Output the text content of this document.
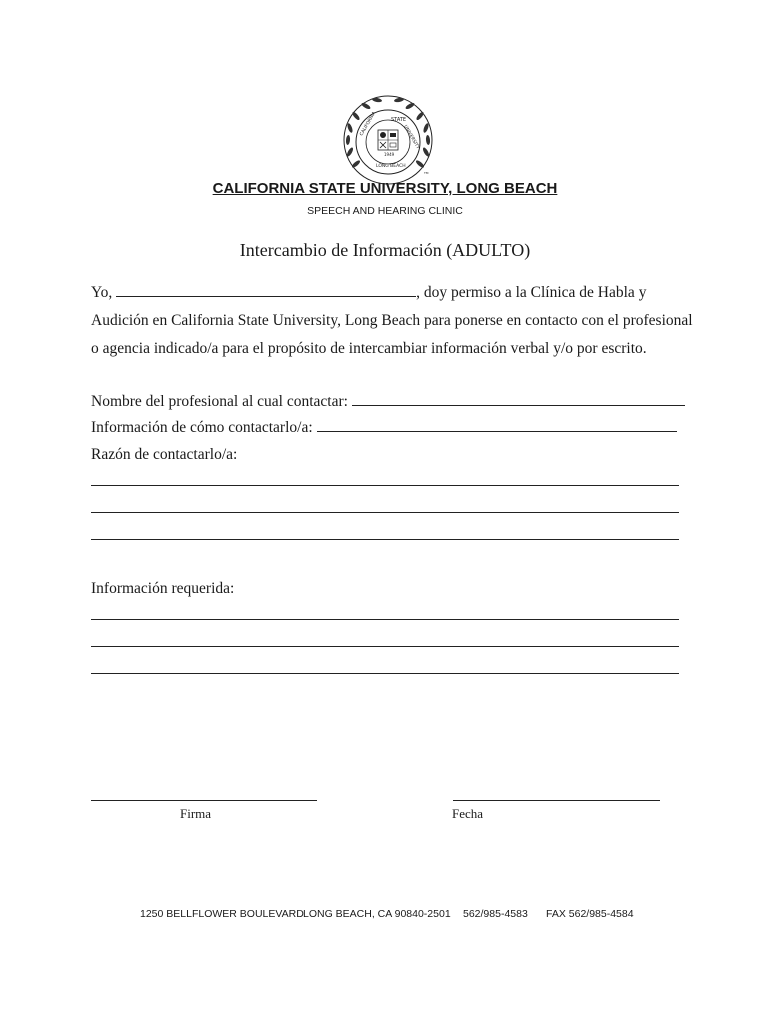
STATE
CALIFORNIA
UNIVERSITY
1949
LONG BEACH
TM
CALIFORNIA STATE UNIVERSITY, LONG BEACH
SPEECH AND HEARING CLINIC
Intercambio de Información (ADULTO)
Yo,	, doy permiso a la Clínica de Habla y
Audición en California State University, Long Beach para ponerse en contacto con el profesional
o agencia indicado/a para el propósito de intercambiar información verbal y/o por escrito.
Nombre del profesional al cual contactar:
Información de cómo contactarlo/a:
Razón de contactarlo/a:
Información requerida:
Firma	Fecha
1250 BELLFLOWER BOULEVARD LONG BEACH, CA 90840-2501 562/985-4583 FAX 562/985-4584
